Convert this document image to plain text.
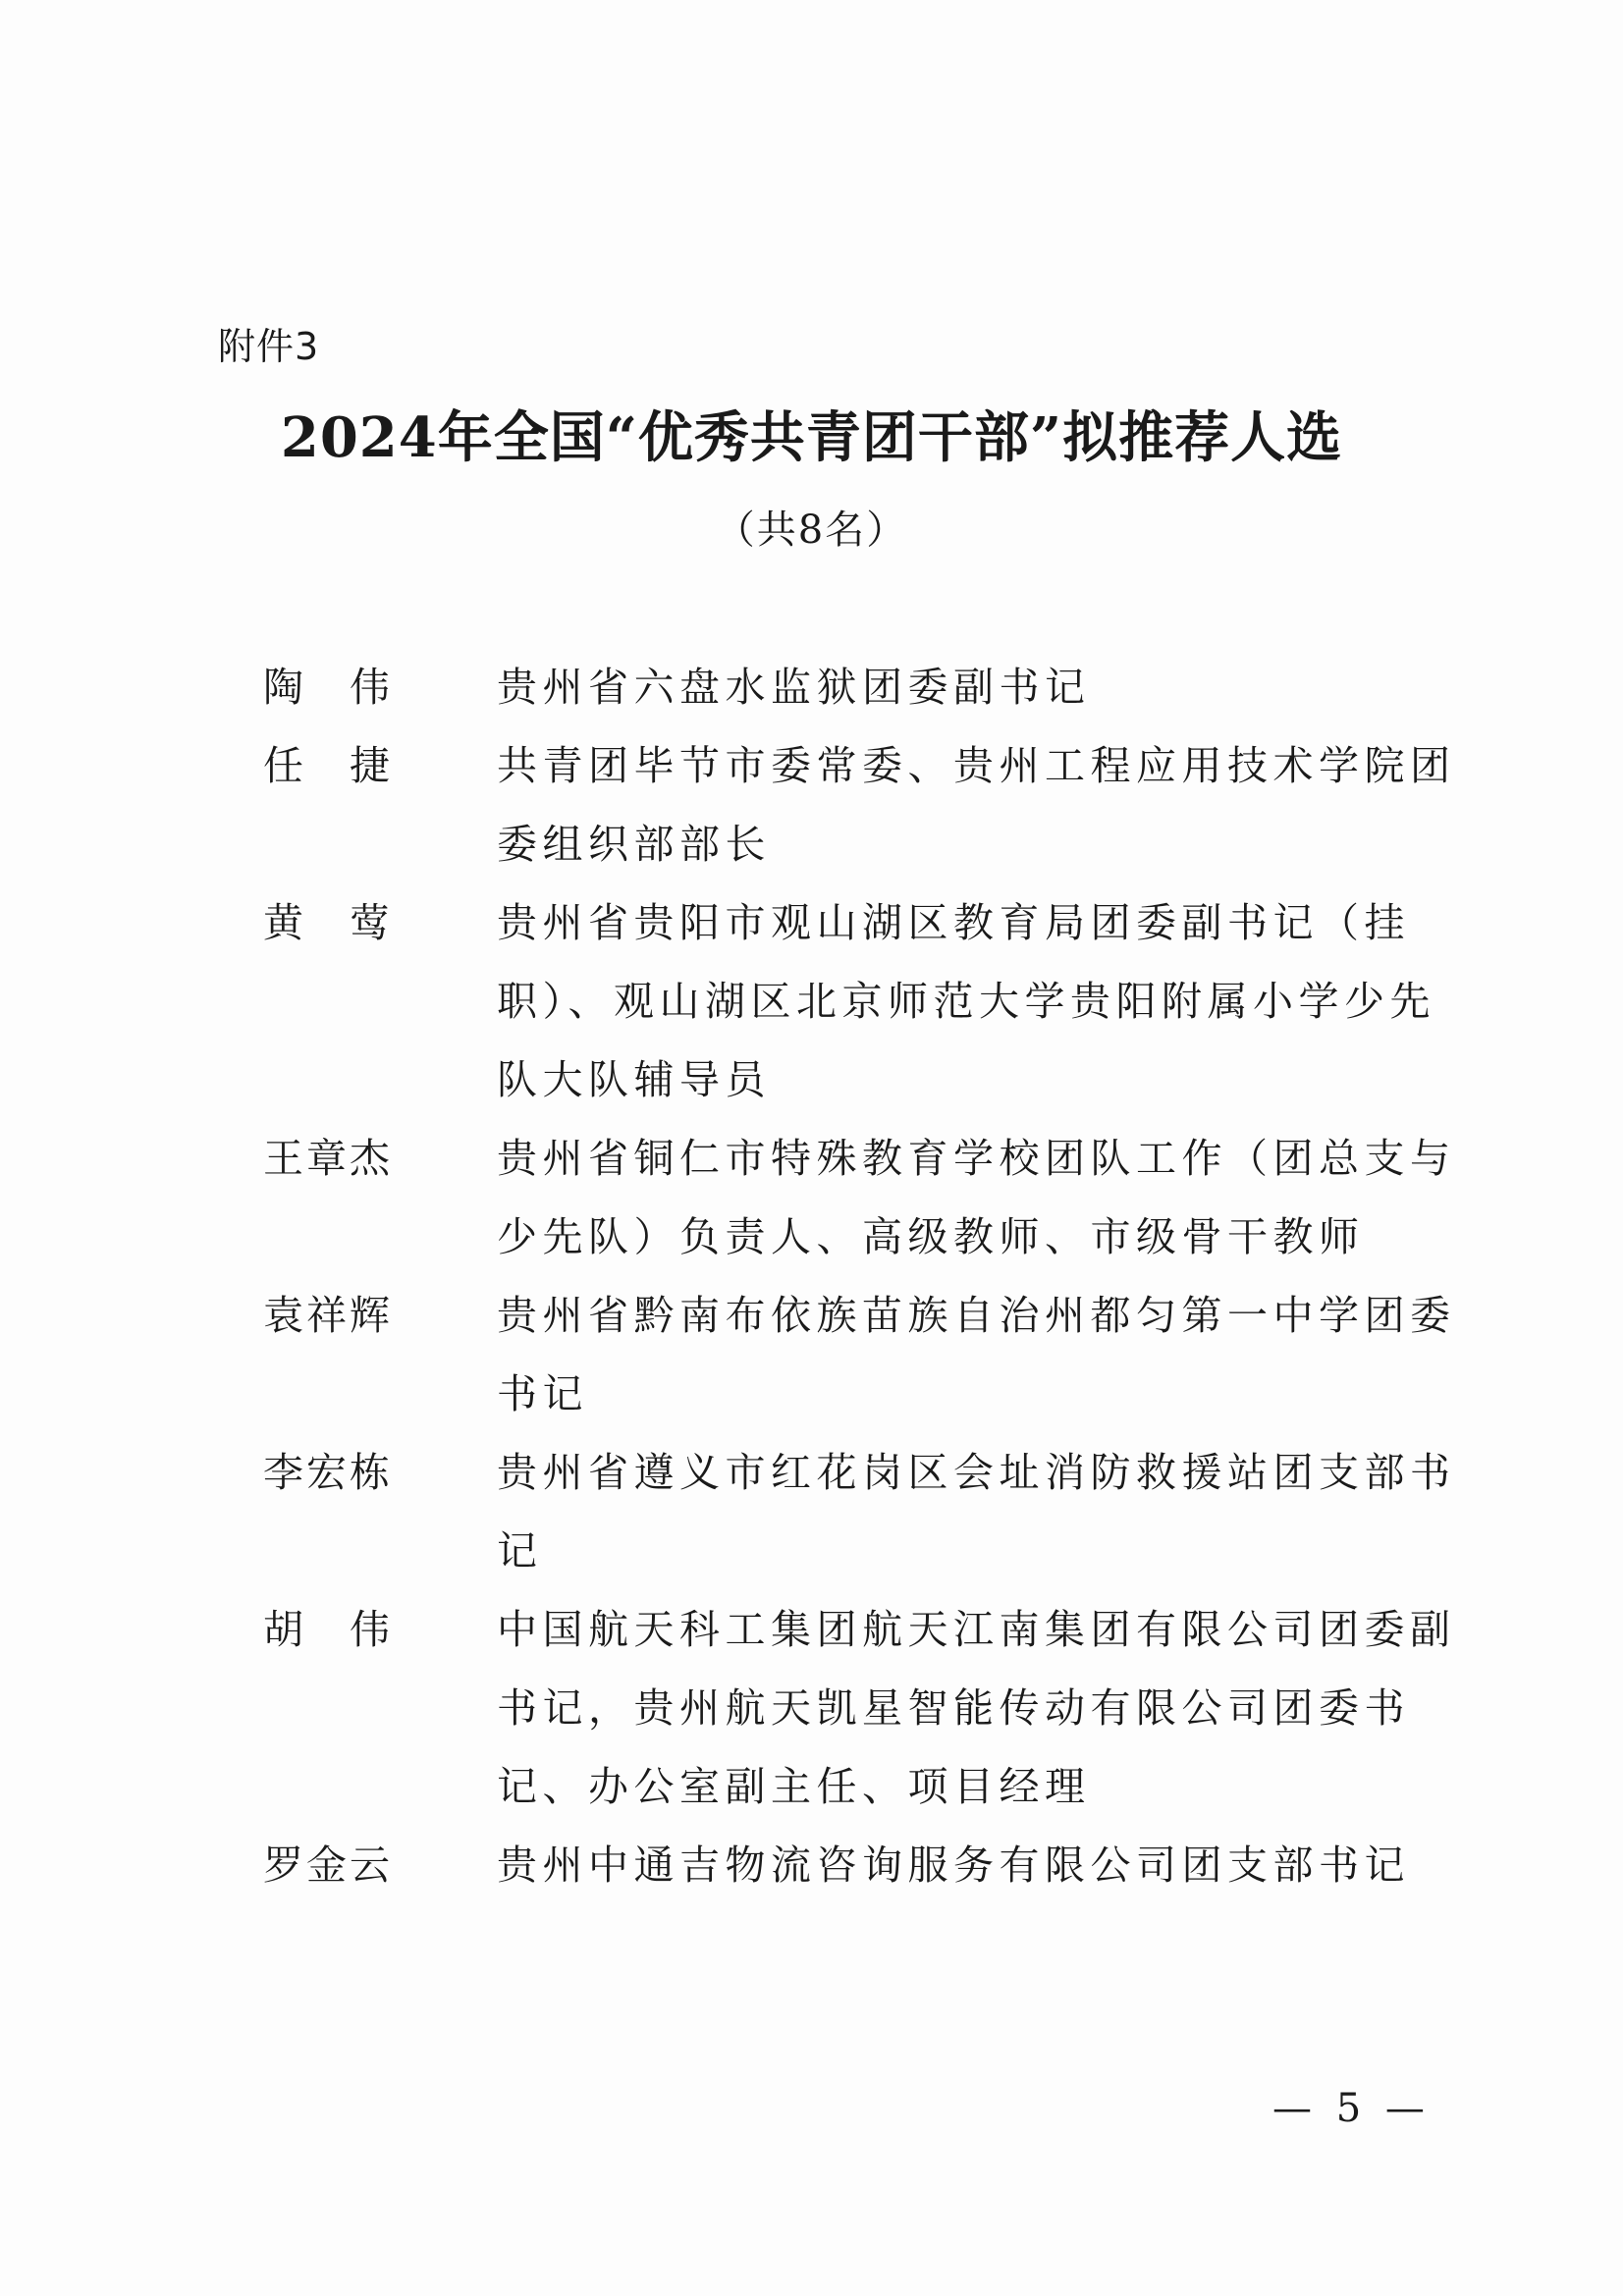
附件3
2024年全国“优秀共青团干部”拟推荐人选
（共8名）
陶　伟	贵州省六盘水监狱团委副书记
任　捷	共青团毕节市委常委、贵州工程应用技术学院团委组织部部长
黄　莺	贵州省贵阳市观山湖区教育局团委副书记（挂职）、观山湖区北京师范大学贵阳附属小学少先队大队辅导员
王章杰	贵州省铜仁市特殊教育学校团队工作（团总支与少先队）负责人、高级教师、市级骨干教师
袁祥辉	贵州省黔南布依族苗族自治州都匀第一中学团委书记
李宏栋	贵州省遵义市红花岗区会址消防救援站团支部书记
胡　伟	中国航天科工集团航天江南集团有限公司团委副书记，贵州航天凯星智能传动有限公司团委书记、办公室副主任、项目经理
罗金云	贵州中通吉物流咨询服务有限公司团支部书记
— 5 —
